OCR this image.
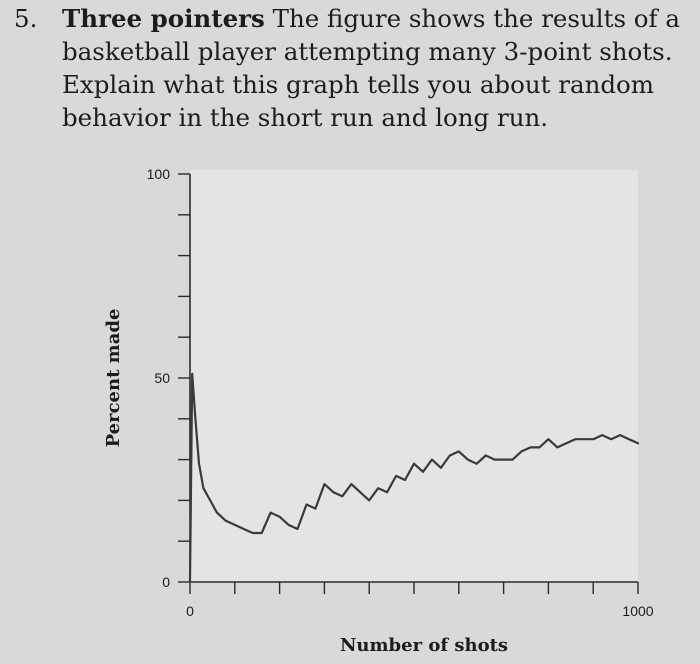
5. Three pointers The figure shows the results of a basketball player attempting many 3-point shots. Explain what this graph tells you about random behavior in the short run and long run.
0
50
100
0	1000
Number of shots
Percent made
